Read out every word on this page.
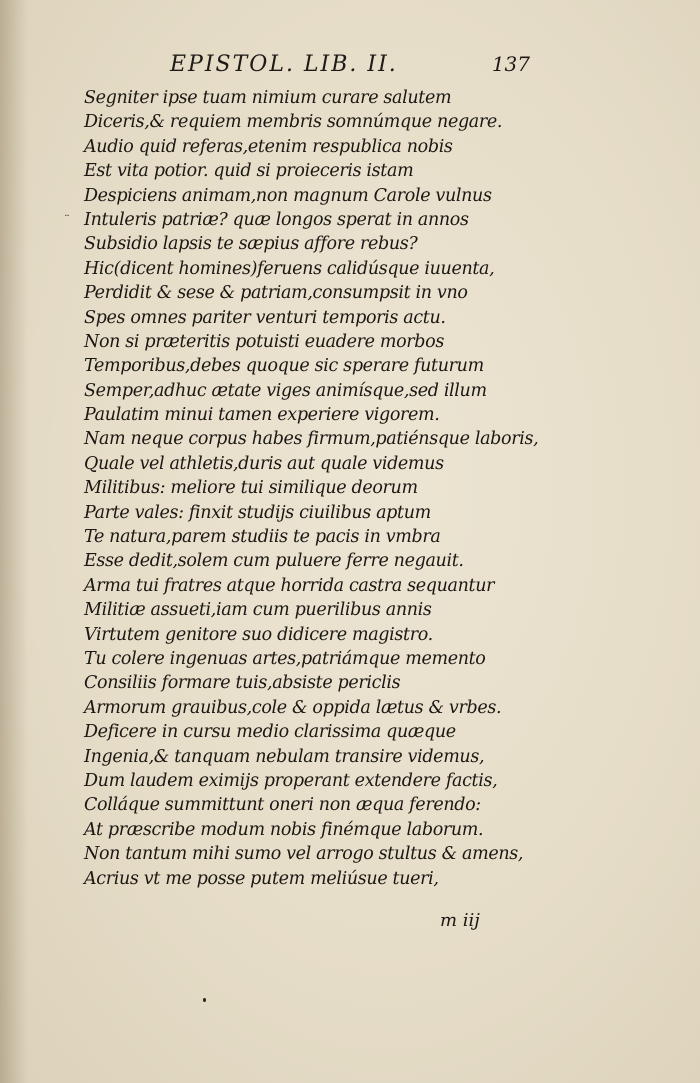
EPISTOL. LIB. II.	137
¨
Segniter ipse tuam nimium curare salutem
Diceris,& requiem membris somnúmque negare.
Audio quid referas,etenim respublica nobis
Est vita potior. quid si proieceris istam
Despiciens animam,non magnum Carole vulnus
Intuleris patriæ? quæ longos sperat in annos
Subsidio lapsis te sæpius affore rebus?
Hic(dicent homines)feruens calidúsque iuuenta,
Perdidit & sese & patriam,consumpsit in vno
Spes omnes pariter venturi temporis actu.
Non si præteritis potuisti euadere morbos
Temporibus,debes quoque sic sperare futurum
Semper,adhuc ætate viges animísque,sed illum
Paulatim minui tamen experiere vigorem.
Nam neque corpus habes firmum,patiénsque laboris,
Quale vel athletis,duris aut quale videmus
Militibus: meliore tui similique deorum
Parte vales: finxit studijs ciuilibus aptum
Te natura,parem studiis te pacis in vmbra
Esse dedit,solem cum puluere ferre negauit.
Arma tui fratres atque horrida castra sequantur
Militiæ assueti,iam cum puerilibus annis
Virtutem genitore suo didicere magistro.
Tu colere ingenuas artes,patriámque memento
Consiliis formare tuis,absiste periclis
Armorum grauibus,cole & oppida lætus & vrbes.
Deficere in cursu medio clarissima quæque
Ingenia,& tanquam nebulam transire videmus,
Dum laudem eximijs properant extendere factis,
Colláque summittunt oneri non æqua ferendo:
At præscribe modum nobis finémque laborum.
Non tantum mihi sumo vel arrogo stultus & amens,
Acrius vt me posse putem meliúsue tueri,
m iij
